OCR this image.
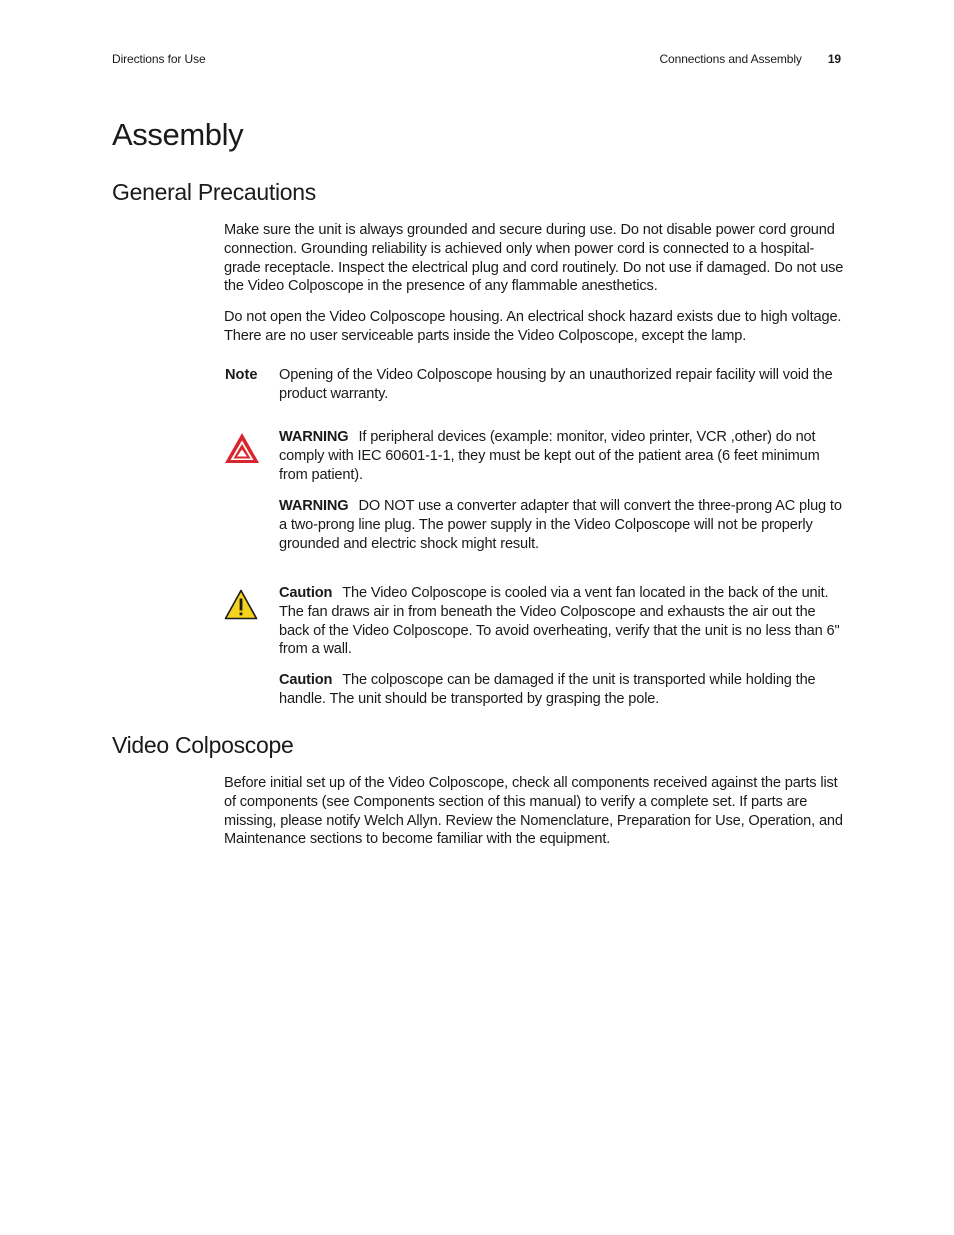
Directions for Use	Connections and Assembly 19
Assembly
General Precautions

Make sure the unit is always grounded and secure during use. Do not disable power cord ground connection. Grounding reliability is achieved only when power cord is connected to a hospital-grade receptacle. Inspect the electrical plug and cord routinely. Do not use if damaged. Do not use the Video Colposcope in the presence of any flammable anesthetics.

Do not open the Video Colposcope housing. An electrical shock hazard exists due to high voltage. There are no user serviceable parts inside the Video Colposcope, except the lamp.

Note Opening of the Video Colposcope housing by an unauthorized repair facility will void the product warranty.

WARNING If peripheral devices (example: monitor, video printer, VCR ,other) do not comply with IEC 60601-1-1, they must be kept out of the patient area (6 feet minimum from patient).

WARNING DO NOT use a converter adapter that will convert the three-prong AC plug to a two-prong line plug. The power supply in the Video Colposcope will not be properly grounded and electric shock might result.

Caution The Video Colposcope is cooled via a vent fan located in the back of the unit. The fan draws air in from beneath the Video Colposcope and exhausts the air out the back of the Video Colposcope. To avoid overheating, verify that the unit is no less than 6" from a wall.

Caution The colposcope can be damaged if the unit is transported while holding the handle. The unit should be transported by grasping the pole.

Video Colposcope

Before initial set up of the Video Colposcope, check all components received against the parts list of components (see Components section of this manual) to verify a complete set. If parts are missing, please notify Welch Allyn. Review the Nomenclature, Preparation for Use, Operation, and Maintenance sections to become familiar with the equipment.
